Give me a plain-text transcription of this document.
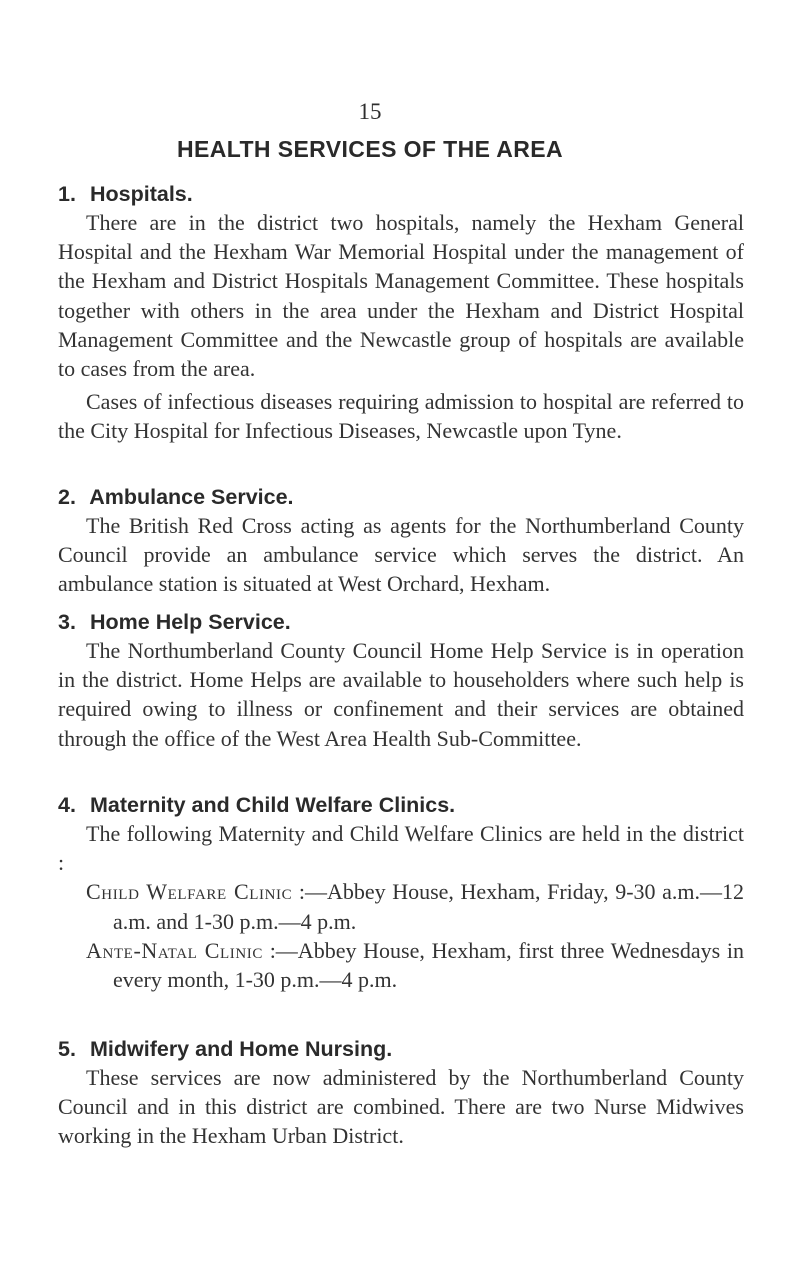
15
HEALTH SERVICES OF THE AREA
1. Hospitals.

There are in the district two hospitals, namely the Hexham General Hospital and the Hexham War Memorial Hospital under the management of the Hexham and District Hospitals Management Committee. These hospitals together with others in the area under the Hexham and District Hospital Management Committee and the Newcastle group of hospitals are available to cases from the area.

Cases of infectious diseases requiring admission to hospital are referred to the City Hospital for Infectious Diseases, Newcastle upon Tyne.

2. Ambulance Service.

The British Red Cross acting as agents for the Northumberland County Council provide an ambulance service which serves the district. An ambulance station is situated at West Orchard, Hexham.

3. Home Help Service.

The Northumberland County Council Home Help Service is in operation in the district. Home Helps are available to householders where such help is required owing to illness or confinement and their services are obtained through the office of the West Area Health Sub-Committee.

4. Maternity and Child Welfare Clinics.

The following Maternity and Child Welfare Clinics are held in the district :

Child Welfare Clinic :—Abbey House, Hexham, Friday, 9-30 a.m.—12 a.m. and 1-30 p.m.—4 p.m.

Ante-Natal Clinic :—Abbey House, Hexham, first three Wednesdays in every month, 1-30 p.m.—4 p.m.

5. Midwifery and Home Nursing.

These services are now administered by the Northumberland County Council and in this district are combined. There are two Nurse Midwives working in the Hexham Urban District.
